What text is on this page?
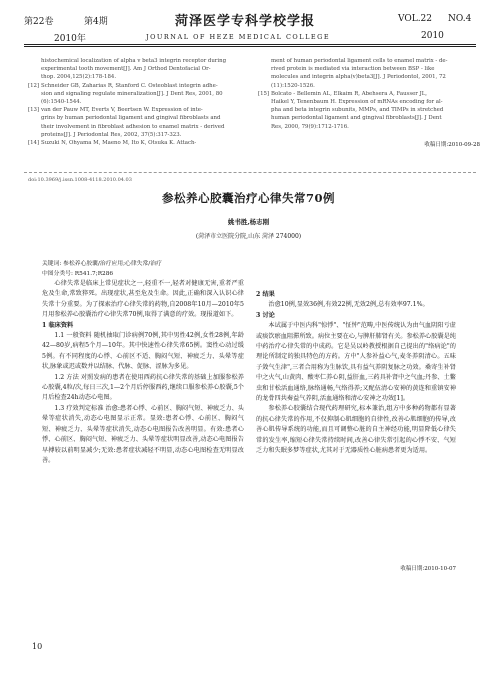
第22卷	第4期	菏泽医学专科学校学报	VOL.22 NO.4
2010年	JOURNAL OF HEZE MEDICAL COLLEGE	2010
histochemical localization of alpha v beta3 integrin receptor during
experimental tooth movement[J]. Am J Orthod Dentofacial Or-
thop. 2004,125(2):178-184.
[12] Schneider GB, Zaharias R, Stanford C. Osteoblast integrin adhe-
sion and signaling regulate mineralization[J]. J Dent Res, 2001, 80
(6):1540-1544.
[13] van der Pauw MT, Everts V, Beertsen W. Expression of inte-
grins by human periodontal ligament and gingival fibroblasts and
their involvement in fibroblast adhesion to enamel matrix - derived
proteins[J]. J Periodontal Res, 2002, 37(5):317-323.
[14] Suzuki N, Ohyama M, Maeno M, Ito K, Otsuka K. Attach-
ment of human periodontal ligament cells to enamel matrix - de-
rived protein is mediated via interaction between BSP - like
molecules and integrin alpha(v)beta3[J]. J Periodontol, 2001, 72
(11):1520-1526.
[15] Bolcato - Bellemin AL, Elkaim R, Abehsera A, Fausser JL,
Haikel Y, Tenenbaum H. Expression of mRNAs encoding for al-
pha and beta integrin subunits, MMPs, and TIMPs in stretched
human periodontal ligament and gingival fibroblasts[J]. J Dent
Res, 2000, 79(9):1712-1716.
收稿日期:2010-09-28
doi:10.3969/j.issn.1008-4118.2010.04.03
参松养心胶囊治疗心律失常70例
姚书胜,杨志刚
(菏泽市立医院分院,山东 菏泽 274000)
关键词: 参松养心胶囊/治疗应用;心律失常/治疗
中图分类号: R541.7;R286

心律失常是临床上常见症状之一,轻重不一,轻者对健康无害,重者严重危及生命,常致猝死。出现症状,甚至危及生命。因此,正确和深入认识心律失常十分重要。为了探索治疗心律失常的药物,自2008年10月—2010年5月用参松养心胶囊治疗心律失常70例,取得了满意的疗效。现报道如下。

1 临床资料

1.1 一般资料 随机抽取门诊病例70例,其中男性42例,女性28例,年龄42—80岁,病程5个月—10年。其中快速性心律失常65例。窦性心动过缓5例。有不同程度的心悸、心前区不适、胸闷气短、神疲乏力、头晕等症状,脉象或迟或数并以结脉、代脉、促脉、涩脉为多见。

1.2 方法 对照发病的患者在使用西药抗心律失常的基础上加服参松养心胶囊,4粒/次,每日三次,1—2个月后停服西药,继续口服参松养心胶囊,5个月后检查24h动态心电图。

1.3 疗效判定标准 治愈:患者心悸、心前区、胸闷气短、神疲乏力、头晕等症状消失,动态心电图显示正常。显效:患者心悸、心前区、胸闷气短、神疲乏力、头晕等症状消失,动态心电图报告改善明显。有效:患者心悸、心前区、胸闷气短、神疲乏力、头晕等症状明显改善,动态心电图报告早搏较以前明显减少;无效:患者症状减轻不明显,动态心电图检查无明显改善。

2 结果

治愈10例,显效36例,有效22例,无效2例,总有效率97.1%。

3 讨论

本试属于中医内科"惊悸"、"怔忡"范畴,中医传统认为由气血阴阳亏虚或痰饮瘀血阻滞所致。病位主要在心,与脾肝肺肾有关。参松养心胶囊是纯中药治疗心律失常的中成药。它是吴以岭教授根据自己提出的"络病论"的理论所制定的独具特色的方药。方中"人参补益心气,麦冬养阴清心。五味子敛气生津",三者合用称为生脉饮,具有益气养阴复脉之功效。桑寄生补肾中之火气,山黄肉、酸枣仁养心阴,益肝血,三药具补肾中之气血;丹参、土鳖虫和甘松活血通络,脉络通畅,气络得养;又配伍清心安神的黄连和重镇安神的龙骨四共奏益气养阴,活血通络和清心安神之功效[1]。

参松养心胶囊结合现代药理研究,标本兼治,组方中多种药物都有显著的抗心律失常的作用,不仅抑制心肌细胞的自律性,改善心肌细胞的传导,改善心肌传导系统的功能,而且可调整心脏的自主神经功能,明显降低心律失常的发生率,缩短心律失常持续时间,改善心律失常引起的心悸不安、气短乏力和失眠多梦等症状,尤其对于无器质性心脏病患者更为适用。

收稿日期:2010-10-07
10
